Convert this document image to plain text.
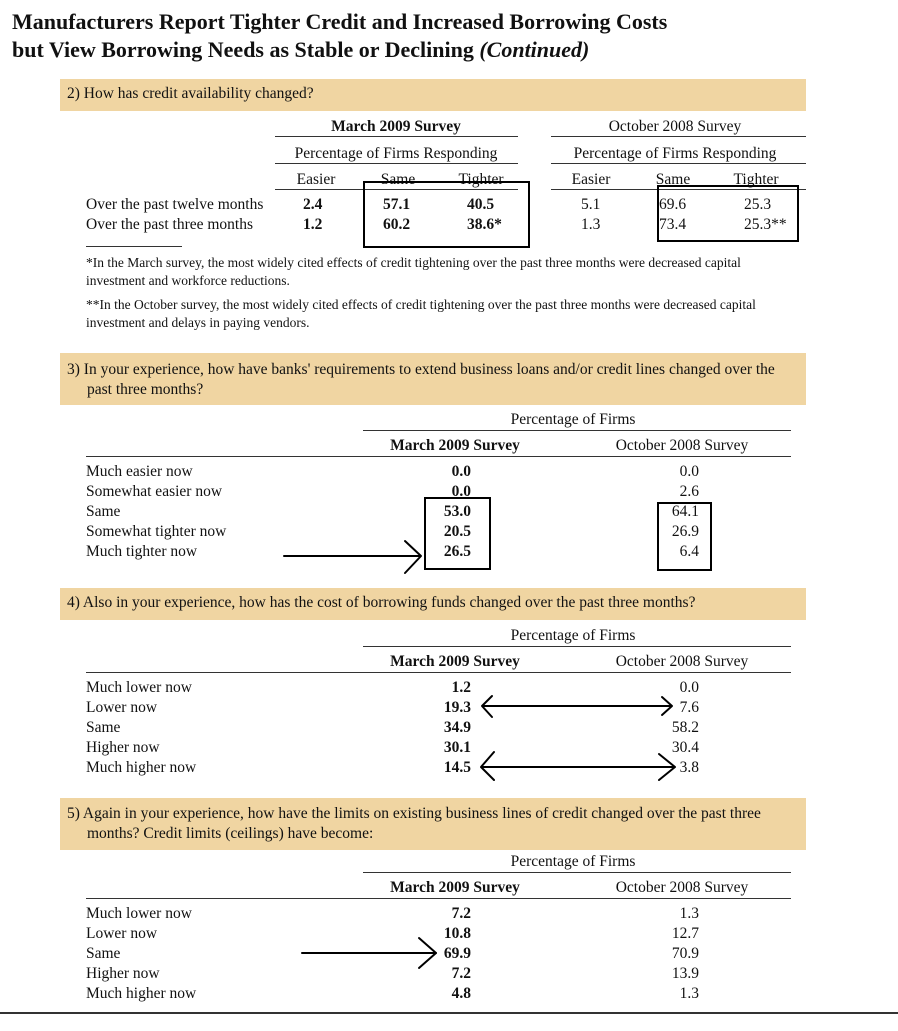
Manufacturers Report Tighter Credit and Increased Borrowing Costs
but View Borrowing Needs as Stable or Declining (Continued)
2) How has credit availability changed?
March 2009 Survey	October 2008 Survey
Percentage of Firms Responding	Percentage of Firms Responding
Easier	Same	Tighter	Easier	Same	Tighter
Over the past twelve months	2.4	57.1	40.5	5.1	69.6	25.3
Over the past three months	1.2	60.2	38.6*	1.3	73.4	25.3**
*In the March survey, the most widely cited effects of credit tightening over the past three months were decreased capital investment and workforce reductions.
**In the October survey, the most widely cited effects of credit tightening over the past three months were decreased capital investment and delays in paying vendors.
3) In your experience, how have banks' requirements to extend business loans and/or credit lines changed over the past three months?
Percentage of Firms
March 2009 Survey	October 2008 Survey
Much easier now	0.0	0.0
Somewhat easier now	0.0	2.6
Same	53.0	64.1
Somewhat tighter now	20.5	26.9
Much tighter now	26.5	6.4
4) Also in your experience, how has the cost of borrowing funds changed over the past three months?
Percentage of Firms
March 2009 Survey	October 2008 Survey
Much lower now	1.2	0.0
Lower now	19.3	7.6
Same	34.9	58.2
Higher now	30.1	30.4
Much higher now	14.5	3.8
5) Again in your experience, how have the limits on existing business lines of credit changed over the past three months? Credit limits (ceilings) have become:
Percentage of Firms
March 2009 Survey	October 2008 Survey
Much lower now	7.2	1.3
Lower now	10.8	12.7
Same	69.9	70.9
Higher now	7.2	13.9
Much higher now	4.8	1.3
